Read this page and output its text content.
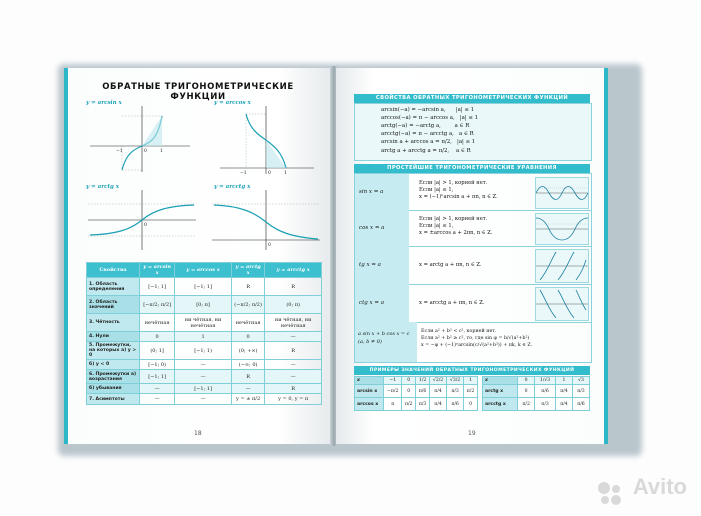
ОБРАТНЫЕ ТРИГОНОМЕТРИЧЕСКИЕ ФУНКЦИИ
y = arcsin x
−1	0	1
y = arccos x
−1	0	1
y = arctg x
0
y = arcctg x
0
Свойства	y = arcsin x	y = arccos x	y = arctg x	y = arcctg x
1. Область определения	[−1; 1]	[−1; 1]	R	R
2. Область значений	[−π/2; π/2]	[0; π]	(−π/2; π/2)	(0; π)
3. Чётность	нечётная	ни чётная, ни нечётная	нечётная	ни чётная, ни нечётная
4. Нули	0	1	0	—
5. Промежутки, на которых а) y > 0	(0; 1]	[−1; 1)	(0; +∞)	R
б) y < 0	[−1; 0)	—	(−∞; 0)	—
6. Промежутки а) возрастания	[−1; 1]	—	R	—
б) убывания	—	[−1; 1]	—	R
7. Асимптоты	—	—	y = ± π/2	y = 0, y = π
18
СВОЙСТВА ОБРАТНЫХ ТРИГОНОМЕТРИЧЕСКИХ ФУНКЦИЙ
arcsin(−a) = −arcsin a,      |a| ≤ 1
arccos(−a) = π − arccos a,   |a| ≤ 1
arctg(−a) = −arctg a,        a ∈ R
arcctg(−a) = π − arcctg a,   a ∈ R
arcsin a + arccos a = π/2,   |a| ≤ 1
arctg a + arcctg a = π/2,    a ∈ R
ПРОСТЕЙШИЕ ТРИГОНОМЕТРИЧЕСКИЕ УРАВНЕНИЯ
sin x = a
Если |a| > 1, корней нет.
Если |a| ≤ 1,
x = (−1)ⁿarcsin a + πn, n ∈ Z.
cos x = a
Если |a| > 1, корней нет.
Если |a| ≤ 1,
x = ±arccos a + 2πn, n ∈ Z.
tg x = a	x = arctg a + πn, n ∈ Z.
ctg x = a	x = arcctg a + πn, n ∈ Z.
a sin x + b cos x = c
(a, b ≠ 0)
Если a² + b² < c², корней нет.
Если a² + b² ≥ c², то, где sin φ = b/√(a²+b²)
x = −φ + (−1)ⁿarcsin(c/√(a²+b²)) + πk, k ∈ Z.
ПРИМЕРЫ ЗНАЧЕНИЙ ОБРАТНЫХ ТРИГОНОМЕТРИЧЕСКИХ ФУНКЦИЙ
x	−1	0	1/2	√2/2	√3/2	1
arcsin x	−π/2	0	π/6	π/4	π/3	π/2
arccos x	π	π/2	π/3	π/4	π/6	0
x	0	1/√3	1	√3
arctg x	0	π/6	π/4	π/3
arcctg x	π/2	π/3	π/4	π/6
19
Avito
